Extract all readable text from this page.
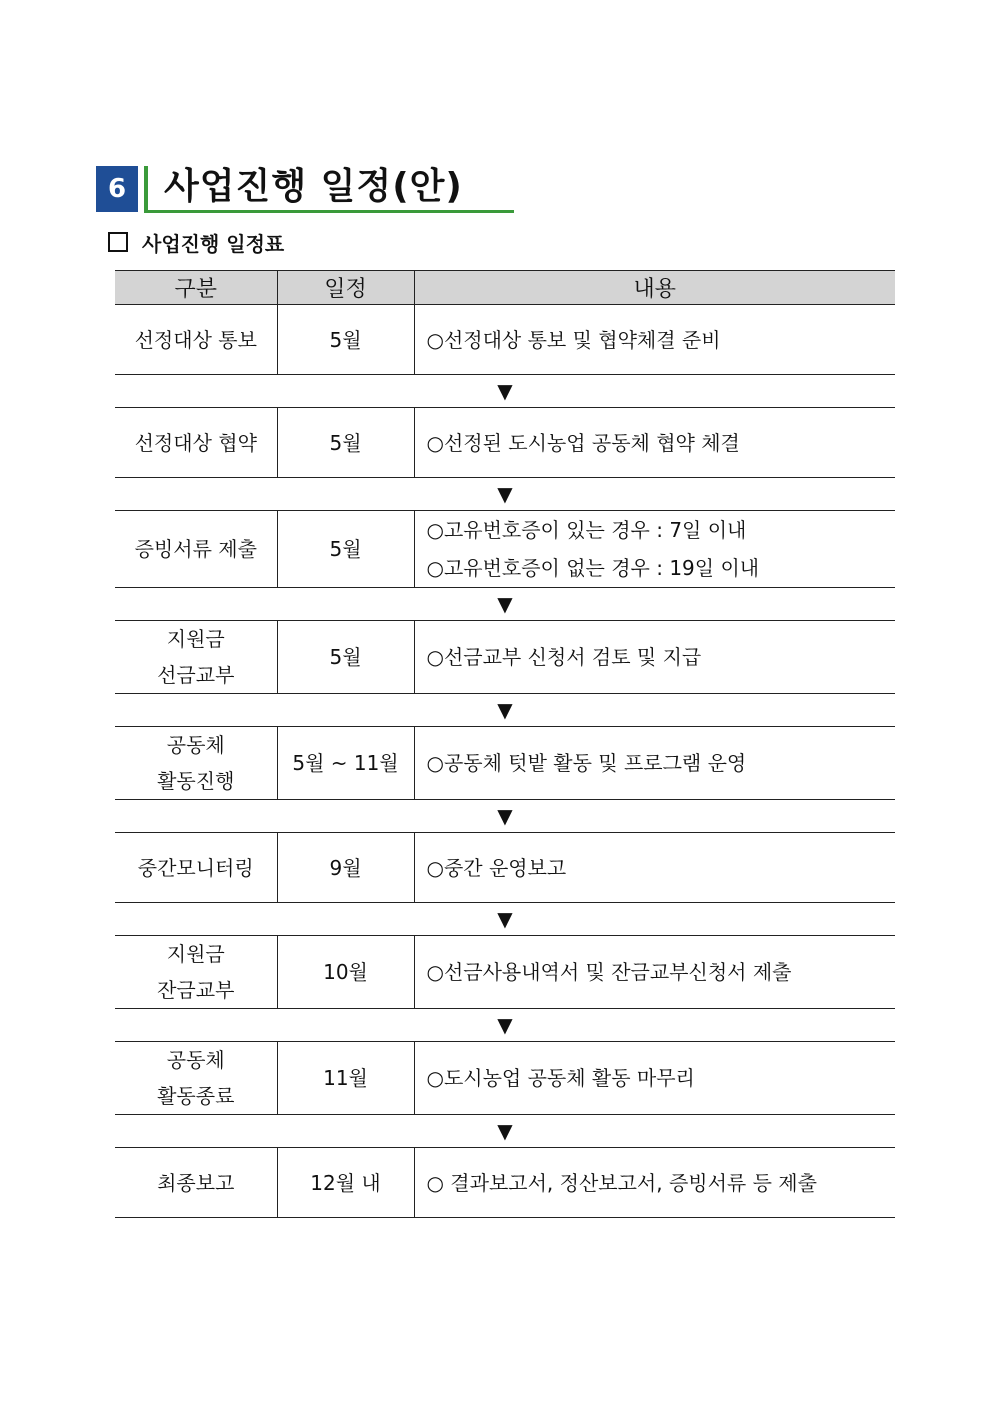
6	사업진행 일정(안)
사업진행 일정표
구분	일정	내용

선정대상 통보	5월	○선정대상 통보 및 협약체결 준비

▼		

선정대상 협약	5월	○선정된 도시농업 공동체 협약 체결

▼		

증빙서류 제출	5월	○고유번호증이 있는 경우 : 7일 이내
○고유번호증이 없는 경우 : 19일 이내

▼		

지원금
선금교부	5월	○선금교부 신청서 검토 및 지급

▼		

공동체
활동진행	5월 ~ 11월	○공동체 텃밭 활동 및 프로그램 운영

▼		

중간모니터링	9월	○중간 운영보고

▼		

지원금
잔금교부	10월	○선금사용내역서 및 잔금교부신청서 제출

▼		

공동체
활동종료	11월	○도시농업 공동체 활동 마무리

▼		

최종보고	12월 내	○ 결과보고서, 정산보고서, 증빙서류 등 제출
